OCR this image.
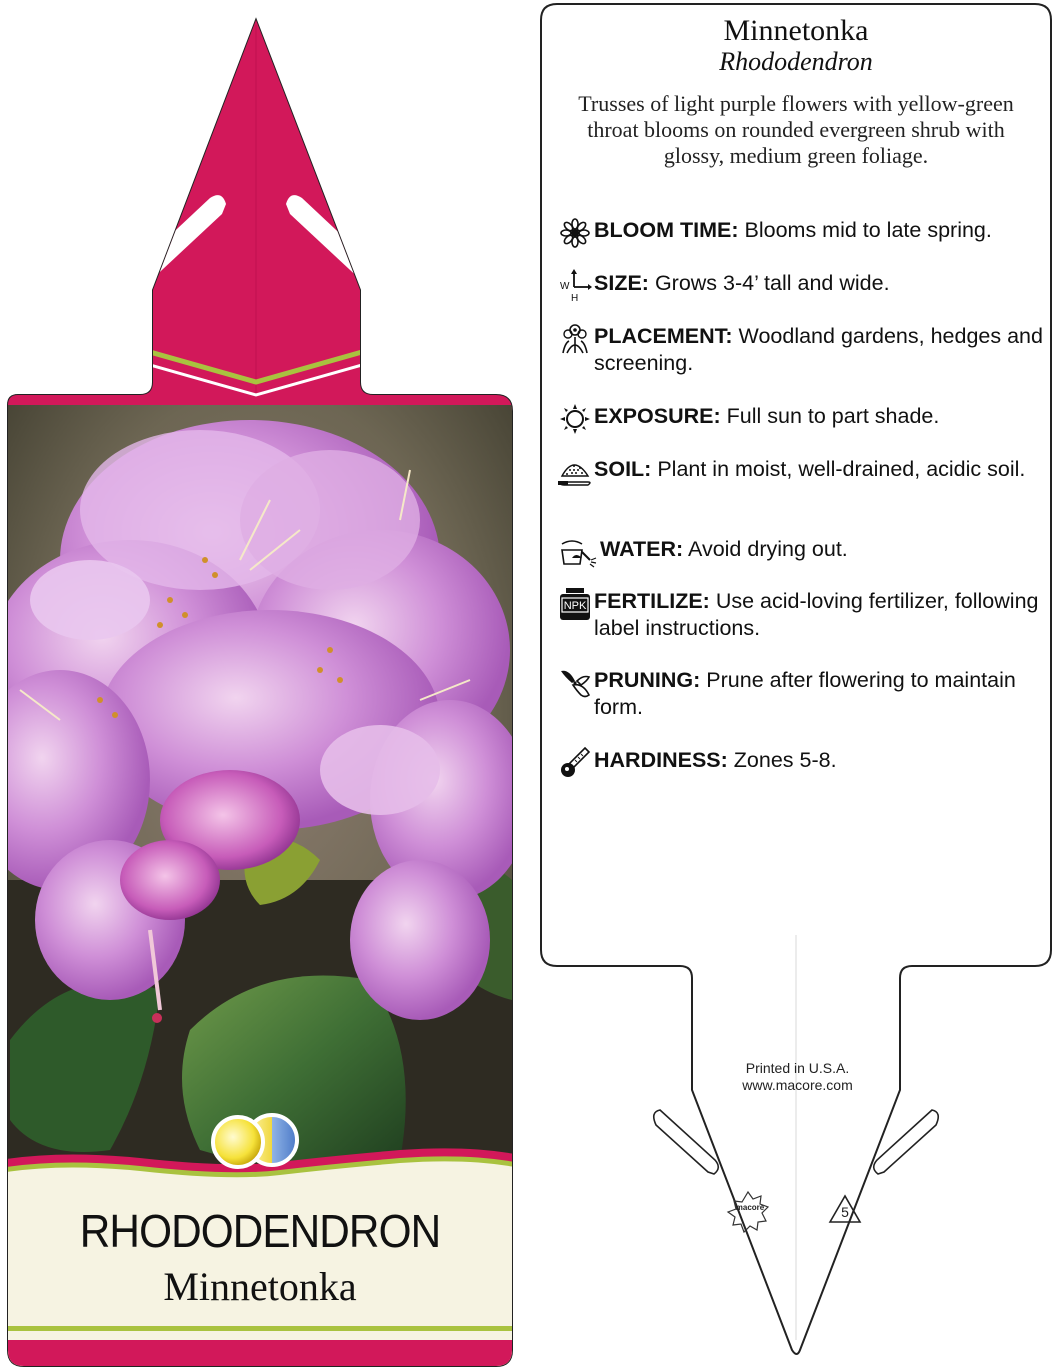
RHODODENDRON
Minnetonka
Minnetonka
Rhododendron
Trusses of light purple flowers with yellow-green throat blooms on rounded evergreen shrub with glossy, medium green foliage.
BLOOM TIME: Blooms mid to late spring.
W
H
SIZE: Grows 3-4’ tall and wide.
PLACEMENT: Woodland gardens, hedges and screening.
EXPOSURE: Full sun to part shade.
SOIL: Plant in moist, well-drained, acidic soil.
WATER: Avoid drying out.
NPK FERTILIZE: Use acid-loving fertilizer, following label instructions.
PRUNING: Prune after flowering to maintain form.
HARDINESS: Zones 5-8.
Printed in U.S.A.
www.macore.com
macore	5
